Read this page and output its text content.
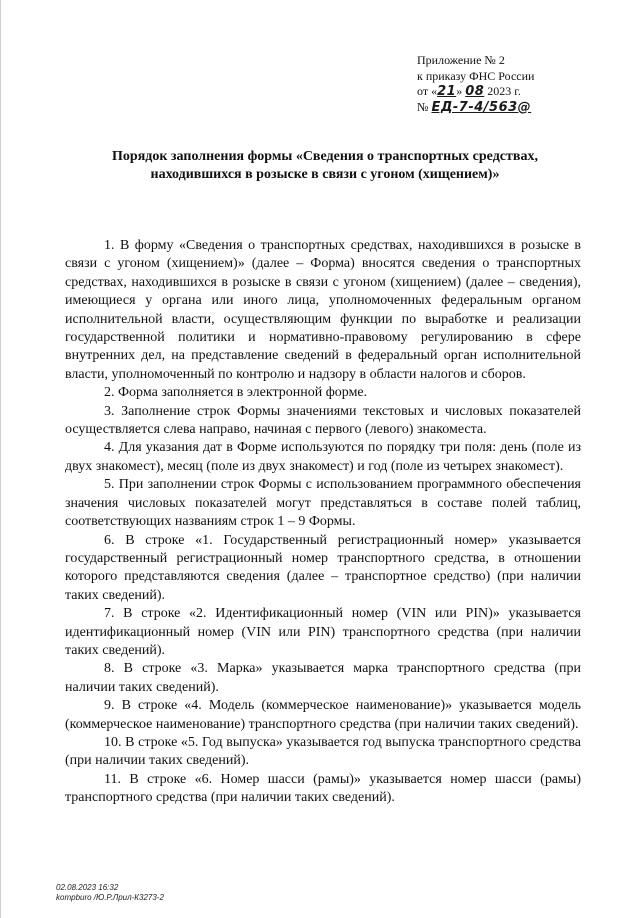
Приложение № 2
к приказу ФНС России
от «21» 08 2023 г.
№ ЕД-7-4/563@
Порядок заполнения формы «Сведения о транспортных средствах,
находившихся в розыске в связи с угоном (хищением)»

1. В форму «Сведения о транспортных средствах, находившихся в розыске в связи с угоном (хищением)» (далее – Форма) вносятся сведения о транспортных средствах, находившихся в розыске в связи с угоном (хищением) (далее – сведения), имеющиеся у органа или иного лица, уполномоченных федеральным органом исполнительной власти, осуществляющим функции по выработке и реализации государственной политики и нормативно-правовому регулированию в сфере внутренних дел, на представление сведений в федеральный орган исполнительной власти, уполномоченный по контролю и надзору в области налогов и сборов.

2. Форма заполняется в электронной форме.

3. Заполнение строк Формы значениями текстовых и числовых показателей осуществляется слева направо, начиная с первого (левого) знакоместа.

4. Для указания дат в Форме используются по порядку три поля: день (поле из двух знакомест), месяц (поле из двух знакомест) и год (поле из четырех знакомест).

5. При заполнении строк Формы с использованием программного обеспечения значения числовых показателей могут представляться в составе полей таблиц, соответствующих названиям строк 1 – 9 Формы.

6. В строке «1. Государственный регистрационный номер» указывается государственный регистрационный номер транспортного средства, в отношении которого представляются сведения (далее – транспортное средство) (при наличии таких сведений).

7. В строке «2. Идентификационный номер (VIN или PIN)» указывается идентификационный номер (VIN или PIN) транспортного средства (при наличии таких сведений).

8. В строке «3. Марка» указывается марка транспортного средства (при наличии таких сведений).

9. В строке «4. Модель (коммерческое наименование)» указывается модель (коммерческое наименование) транспортного средства (при наличии таких сведений).

10. В строке «5. Год выпуска» указывается год выпуска транспортного средства (при наличии таких сведений).

11. В строке «6. Номер шасси (рамы)» указывается номер шасси (рамы) транспортного средства (при наличии таких сведений).

02.08.2023 16:32
kompburo /Ю.Р.Лрил-К3273-2
